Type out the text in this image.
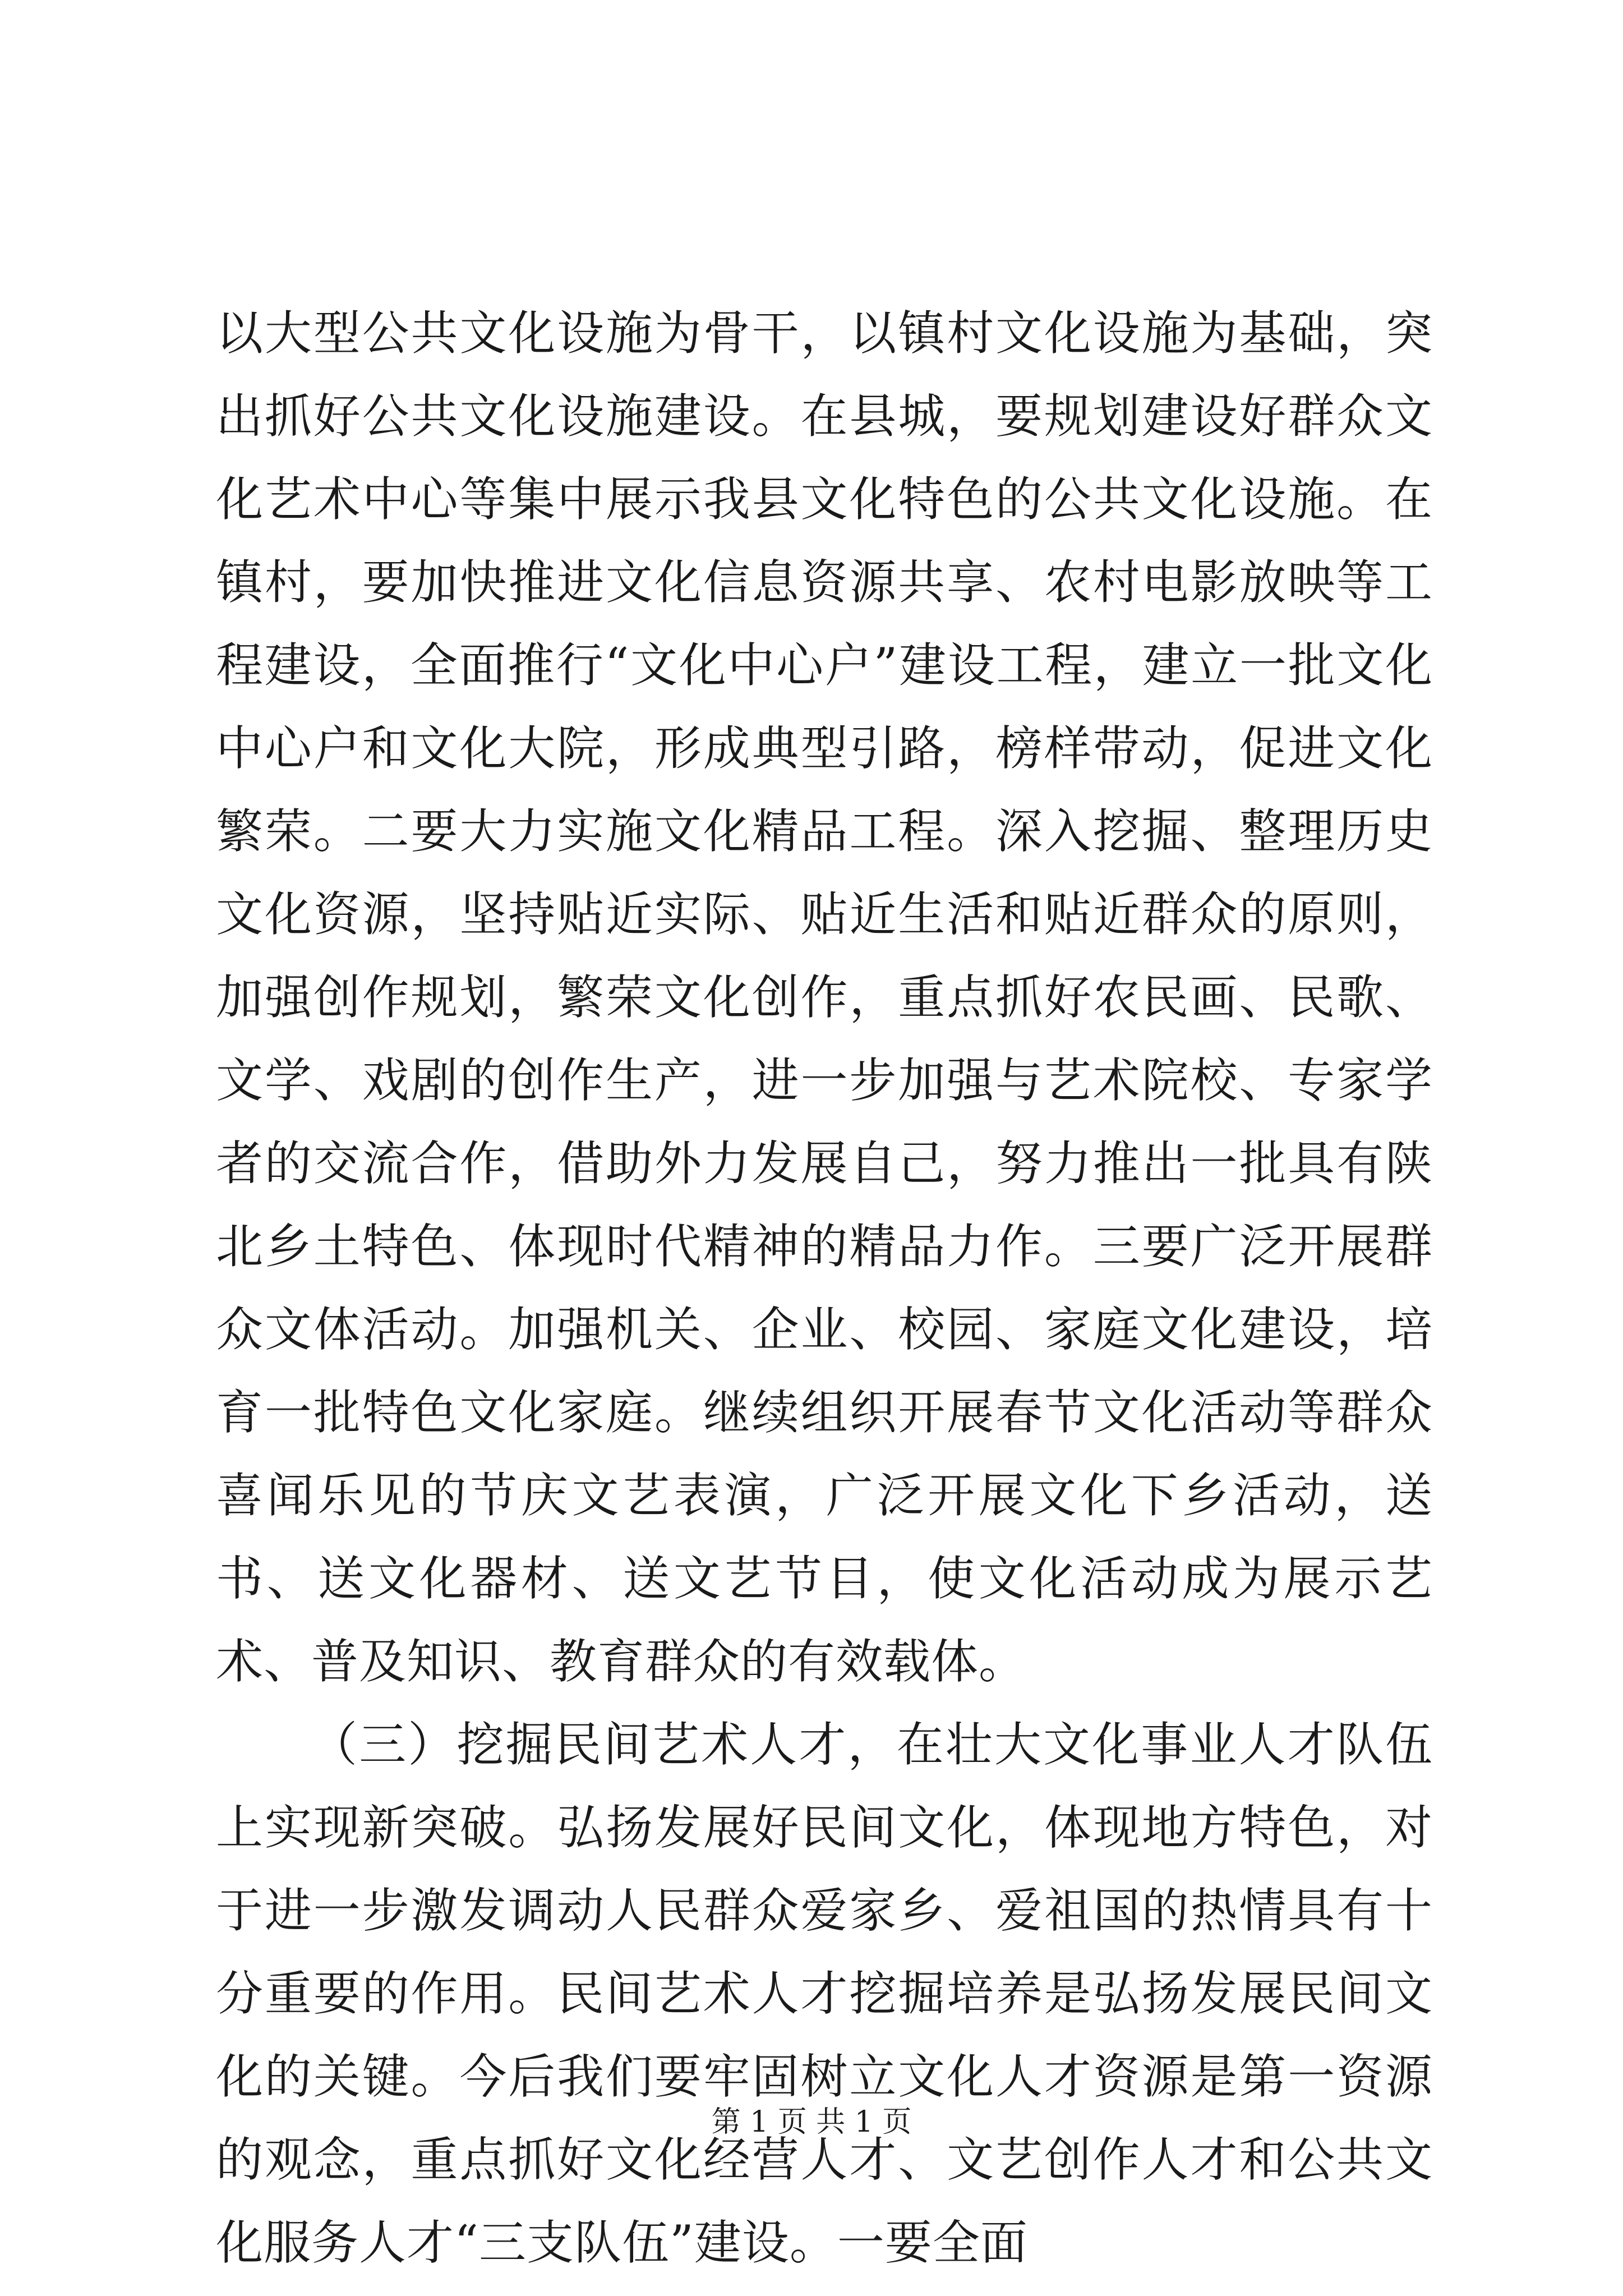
以大型公共文化设施为骨干，以镇村文化设施为基础，突出抓好公共文化设施建设。在县城，要规划建设好群众文化艺术中心等集中展示我县文化特色的公共文化设施。在镇村，要加快推进文化信息资源共享、农村电影放映等工程建设，全面推行“文化中心户”建设工程，建立一批文化中心户和文化大院，形成典型引路，榜样带动，促进文化繁荣。二要大力实施文化精品工程。深入挖掘、整理历史文化资源，坚持贴近实际、贴近生活和贴近群众的原则，加强创作规划，繁荣文化创作，重点抓好农民画、民歌、文学、戏剧的创作生产，进一步加强与艺术院校、专家学者的交流合作，借助外力发展自己，努力推出一批具有陕北乡土特色、体现时代精神的精品力作。三要广泛开展群众文体活动。加强机关、企业、校园、家庭文化建设，培育一批特色文化家庭。继续组织开展春节文化活动等群众喜闻乐见的节庆文艺表演，广泛开展文化下乡活动，送书、送文化器材、送文艺节目，使文化活动成为展示艺术、普及知识、教育群众的有效载体。

（三）挖掘民间艺术人才，在壮大文化事业人才队伍上实现新突破。弘扬发展好民间文化，体现地方特色，对于进一步激发调动人民群众爱家乡、爱祖国的热情具有十分重要的作用。民间艺术人才挖掘培养是弘扬发展民间文化的关键。今后我们要牢固树立文化人才资源是第一资源的观念，重点抓好文化经营人才、文艺创作人才和公共文化服务人才“三支队伍”建设。一要全面

第 1 页 共 1 页
